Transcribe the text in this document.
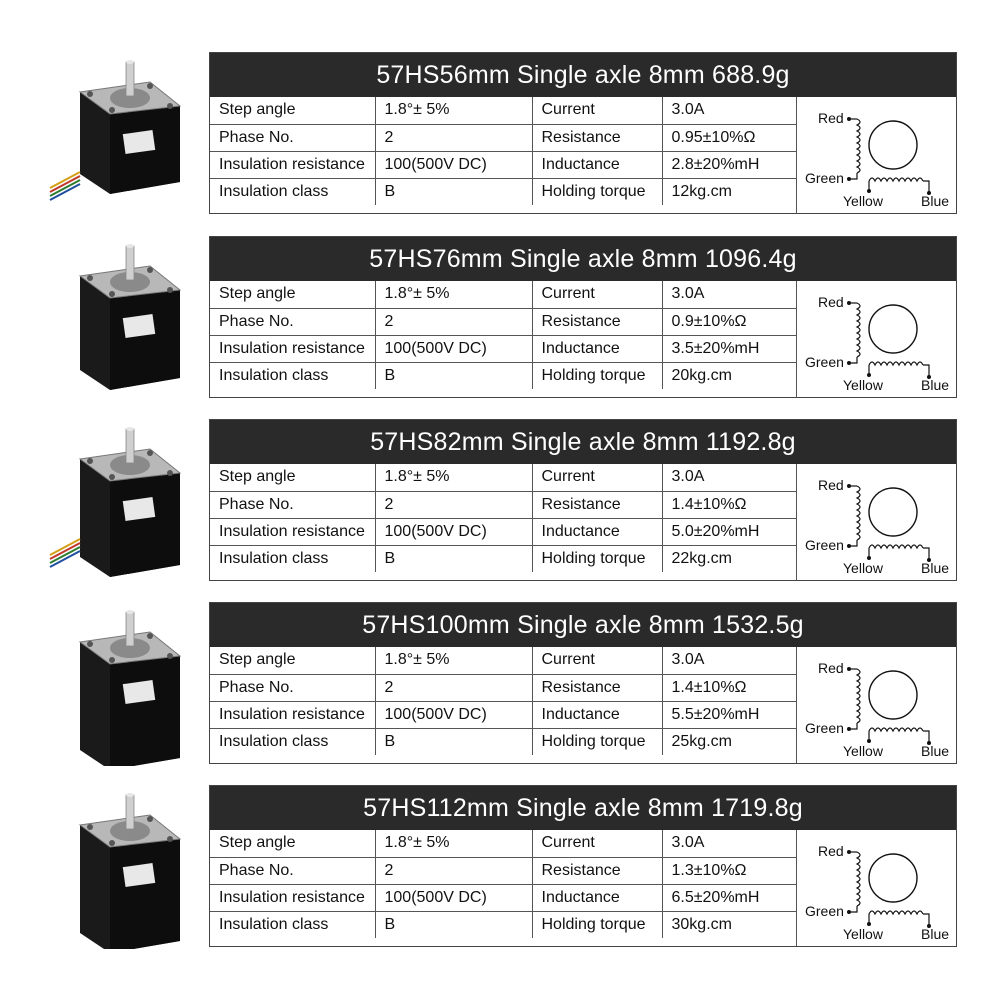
57HS56mm Single axle 8mm 688.9g
Step angle	1.8°± 5%	Current	3.0A
Phase No.	2	Resistance	0.95±10%Ω
Insulation resistance	100(500V DC)	Inductance	2.8±20%mH
Insulation class	B	Holding torque	12kg.cm
Red
Green
Yellow	Blue
57HS76mm Single axle 8mm 1096.4g
Step angle	1.8°± 5%	Current	3.0A
Phase No.	2	Resistance	0.9±10%Ω
Insulation resistance	100(500V DC)	Inductance	3.5±20%mH
Insulation class	B	Holding torque	20kg.cm
Red
Green
Yellow	Blue
57HS82mm Single axle 8mm 1192.8g
Step angle	1.8°± 5%	Current	3.0A
Phase No.	2	Resistance	1.4±10%Ω
Insulation resistance	100(500V DC)	Inductance	5.0±20%mH
Insulation class	B	Holding torque	22kg.cm
Red
Green
Yellow	Blue
57HS100mm Single axle 8mm 1532.5g
Step angle	1.8°± 5%	Current	3.0A
Phase No.	2	Resistance	1.4±10%Ω
Insulation resistance	100(500V DC)	Inductance	5.5±20%mH
Insulation class	B	Holding torque	25kg.cm
Red
Green
Yellow	Blue
57HS112mm Single axle 8mm 1719.8g
Step angle	1.8°± 5%	Current	3.0A
Phase No.	2	Resistance	1.3±10%Ω
Insulation resistance	100(500V DC)	Inductance	6.5±20%mH
Insulation class	B	Holding torque	30kg.cm
Red
Green
Yellow	Blue
